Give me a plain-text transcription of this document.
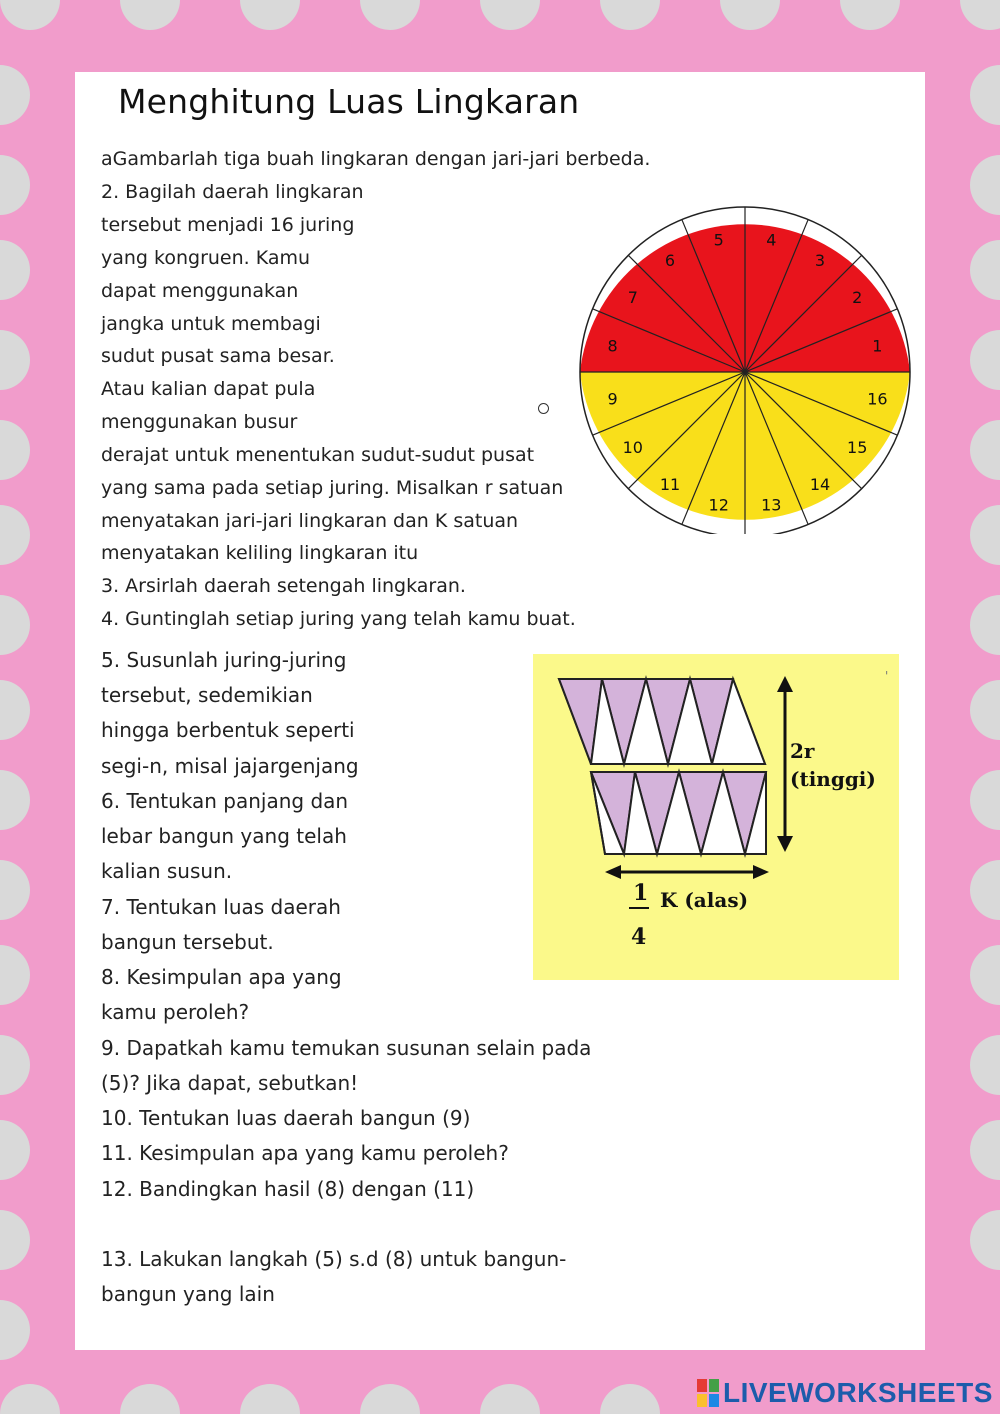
Menghitung Luas Lingkaran
aGambarlah tiga buah lingkaran dengan jari-jari berbeda.
2. Bagilah daerah lingkaran
tersebut menjadi 16 juring
yang kongruen. Kamu
dapat menggunakan
jangka untuk membagi
sudut pusat sama besar.
Atau kalian dapat pula
menggunakan busur
derajat untuk menentukan sudut-sudut pusat
yang sama pada setiap juring. Misalkan r satuan
menyatakan jari-jari lingkaran dan K satuan
menyatakan keliling lingkaran itu
3. Arsirlah daerah setengah lingkaran.
4. Guntinglah setiap juring yang telah kamu buat.
1
2
3
4
5
6
7
8
9
10
11
12 13
14
15
16
5. Susunlah juring-juring
tersebut, sedemikian
hingga berbentuk seperti
segi-n, misal jajargenjang
6. Tentukan panjang dan
lebar bangun yang telah
kalian susun.
7. Tentukan luas daerah
bangun tersebut.
8. Kesimpulan apa yang
kamu peroleh?
9. Dapatkah kamu temukan susunan selain pada
(5)? Jika dapat, sebutkan!
10. Tentukan luas daerah bangun (9)
11. Kesimpulan apa yang kamu peroleh?
12. Bandingkan hasil (8) dengan (11)
13. Lakukan langkah (5) s.d (8) untuk bangun-
bangun yang lain
2r
(tinggi)
1
4
K (alas)
'
LIVEWORKSHEETS
